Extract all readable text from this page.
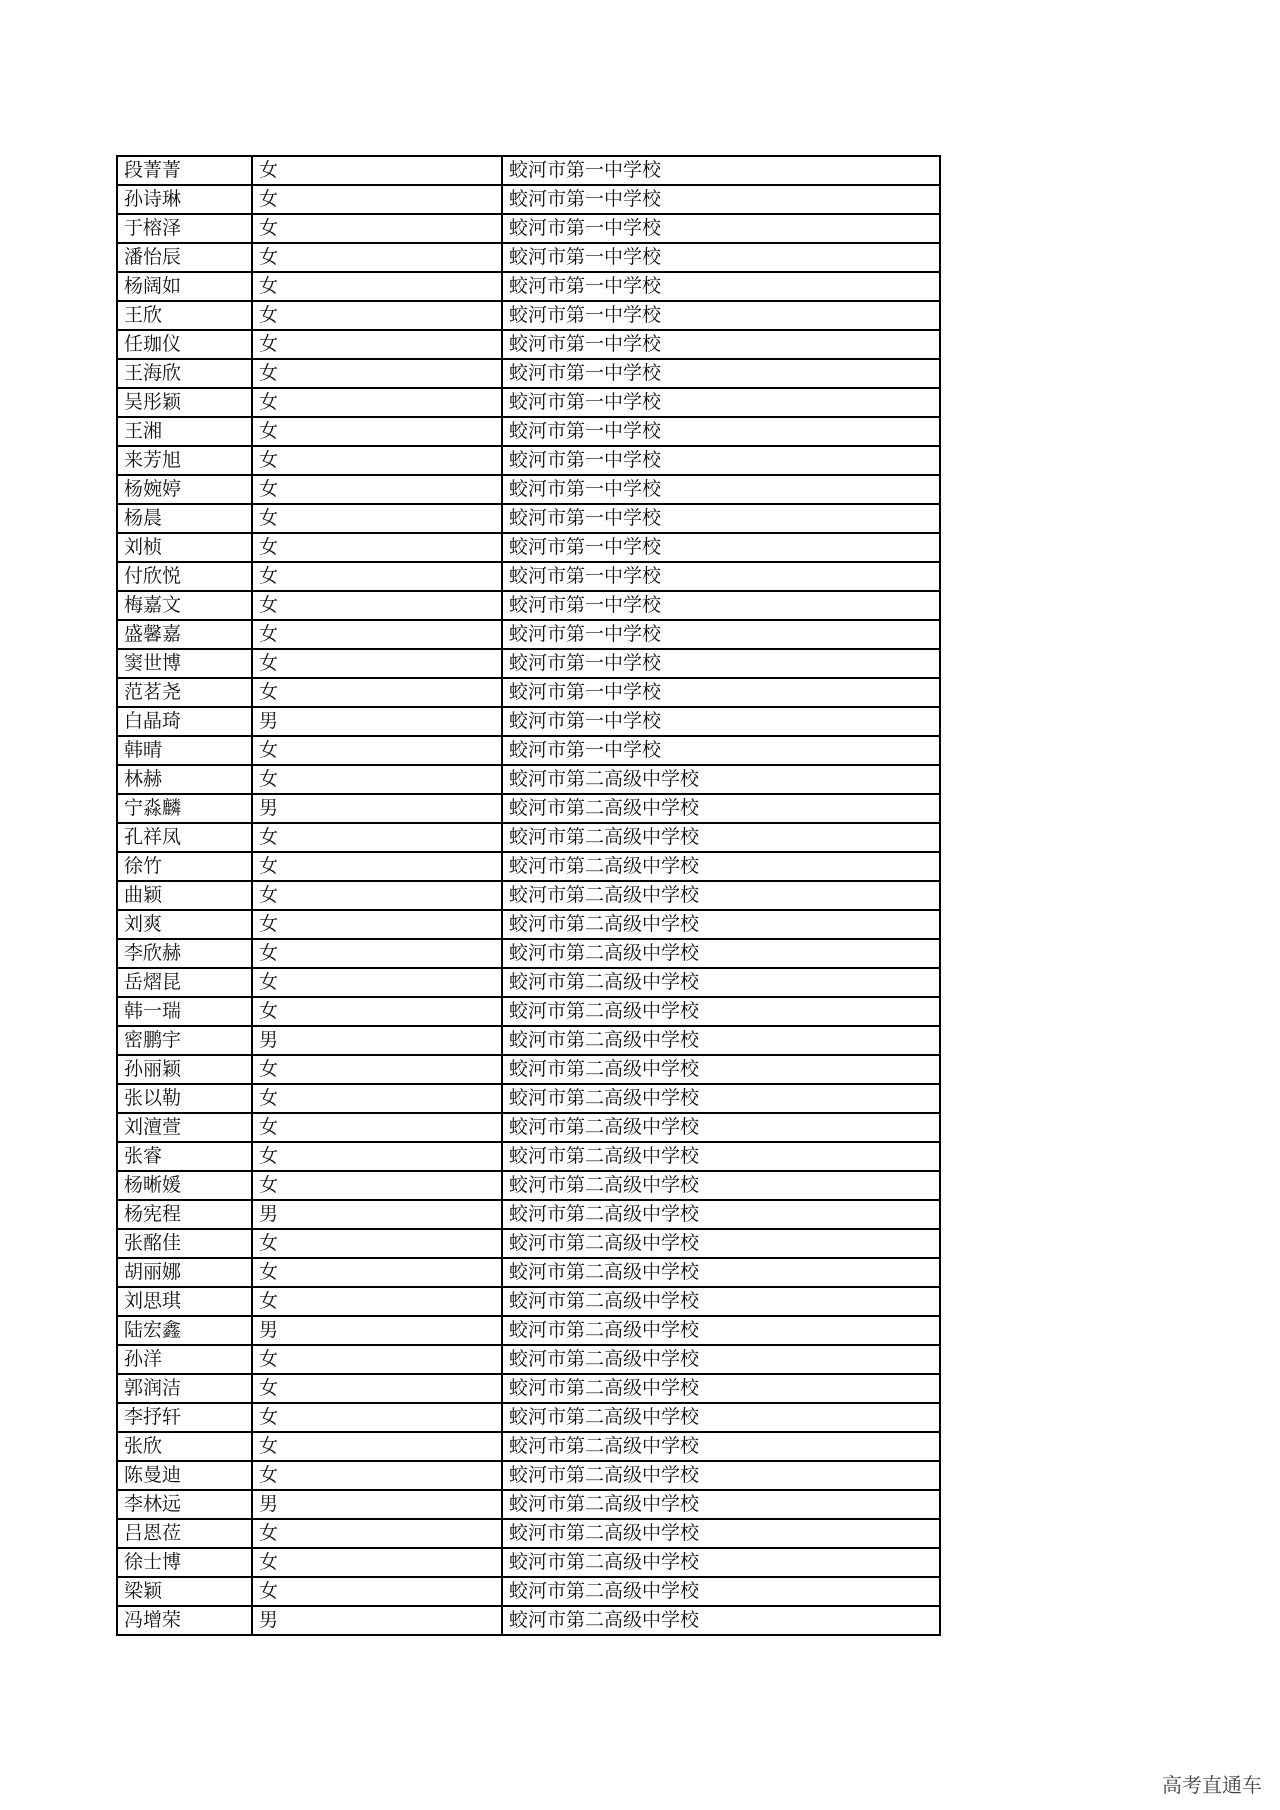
段菁菁	女	蛟河市第一中学校
孙诗琳	女	蛟河市第一中学校
于榕泽	女	蛟河市第一中学校
潘怡辰	女	蛟河市第一中学校
杨阔如	女	蛟河市第一中学校
王欣	女	蛟河市第一中学校
任珈仪	女	蛟河市第一中学校
王海欣	女	蛟河市第一中学校
吴彤颖	女	蛟河市第一中学校
王湘	女	蛟河市第一中学校
来芳旭	女	蛟河市第一中学校
杨婉婷	女	蛟河市第一中学校
杨晨	女	蛟河市第一中学校
刘桢	女	蛟河市第一中学校
付欣悦	女	蛟河市第一中学校
梅嘉文	女	蛟河市第一中学校
盛馨嘉	女	蛟河市第一中学校
窦世博	女	蛟河市第一中学校
范茗尧	女	蛟河市第一中学校
白晶琦	男	蛟河市第一中学校
韩晴	女	蛟河市第一中学校
林赫	女	蛟河市第二高级中学校
宁淼麟	男	蛟河市第二高级中学校
孔祥凤	女	蛟河市第二高级中学校
徐竹	女	蛟河市第二高级中学校
曲颖	女	蛟河市第二高级中学校
刘爽	女	蛟河市第二高级中学校
李欣赫	女	蛟河市第二高级中学校
岳熠昆	女	蛟河市第二高级中学校
韩一瑞	女	蛟河市第二高级中学校
密鹏宇	男	蛟河市第二高级中学校
孙丽颖	女	蛟河市第二高级中学校
张以勒	女	蛟河市第二高级中学校
刘澶萱	女	蛟河市第二高级中学校
张睿	女	蛟河市第二高级中学校
杨晰媛	女	蛟河市第二高级中学校
杨宪程	男	蛟河市第二高级中学校
张酩佳	女	蛟河市第二高级中学校
胡丽娜	女	蛟河市第二高级中学校
刘思琪	女	蛟河市第二高级中学校
陆宏鑫	男	蛟河市第二高级中学校
孙洋	女	蛟河市第二高级中学校
郭润洁	女	蛟河市第二高级中学校
李抒轩	女	蛟河市第二高级中学校
张欣	女	蛟河市第二高级中学校
陈曼迪	女	蛟河市第二高级中学校
李林远	男	蛟河市第二高级中学校
吕恩莅	女	蛟河市第二高级中学校
徐士博	女	蛟河市第二高级中学校
梁颖	女	蛟河市第二高级中学校
冯增荣	男	蛟河市第二高级中学校
高考直通车
